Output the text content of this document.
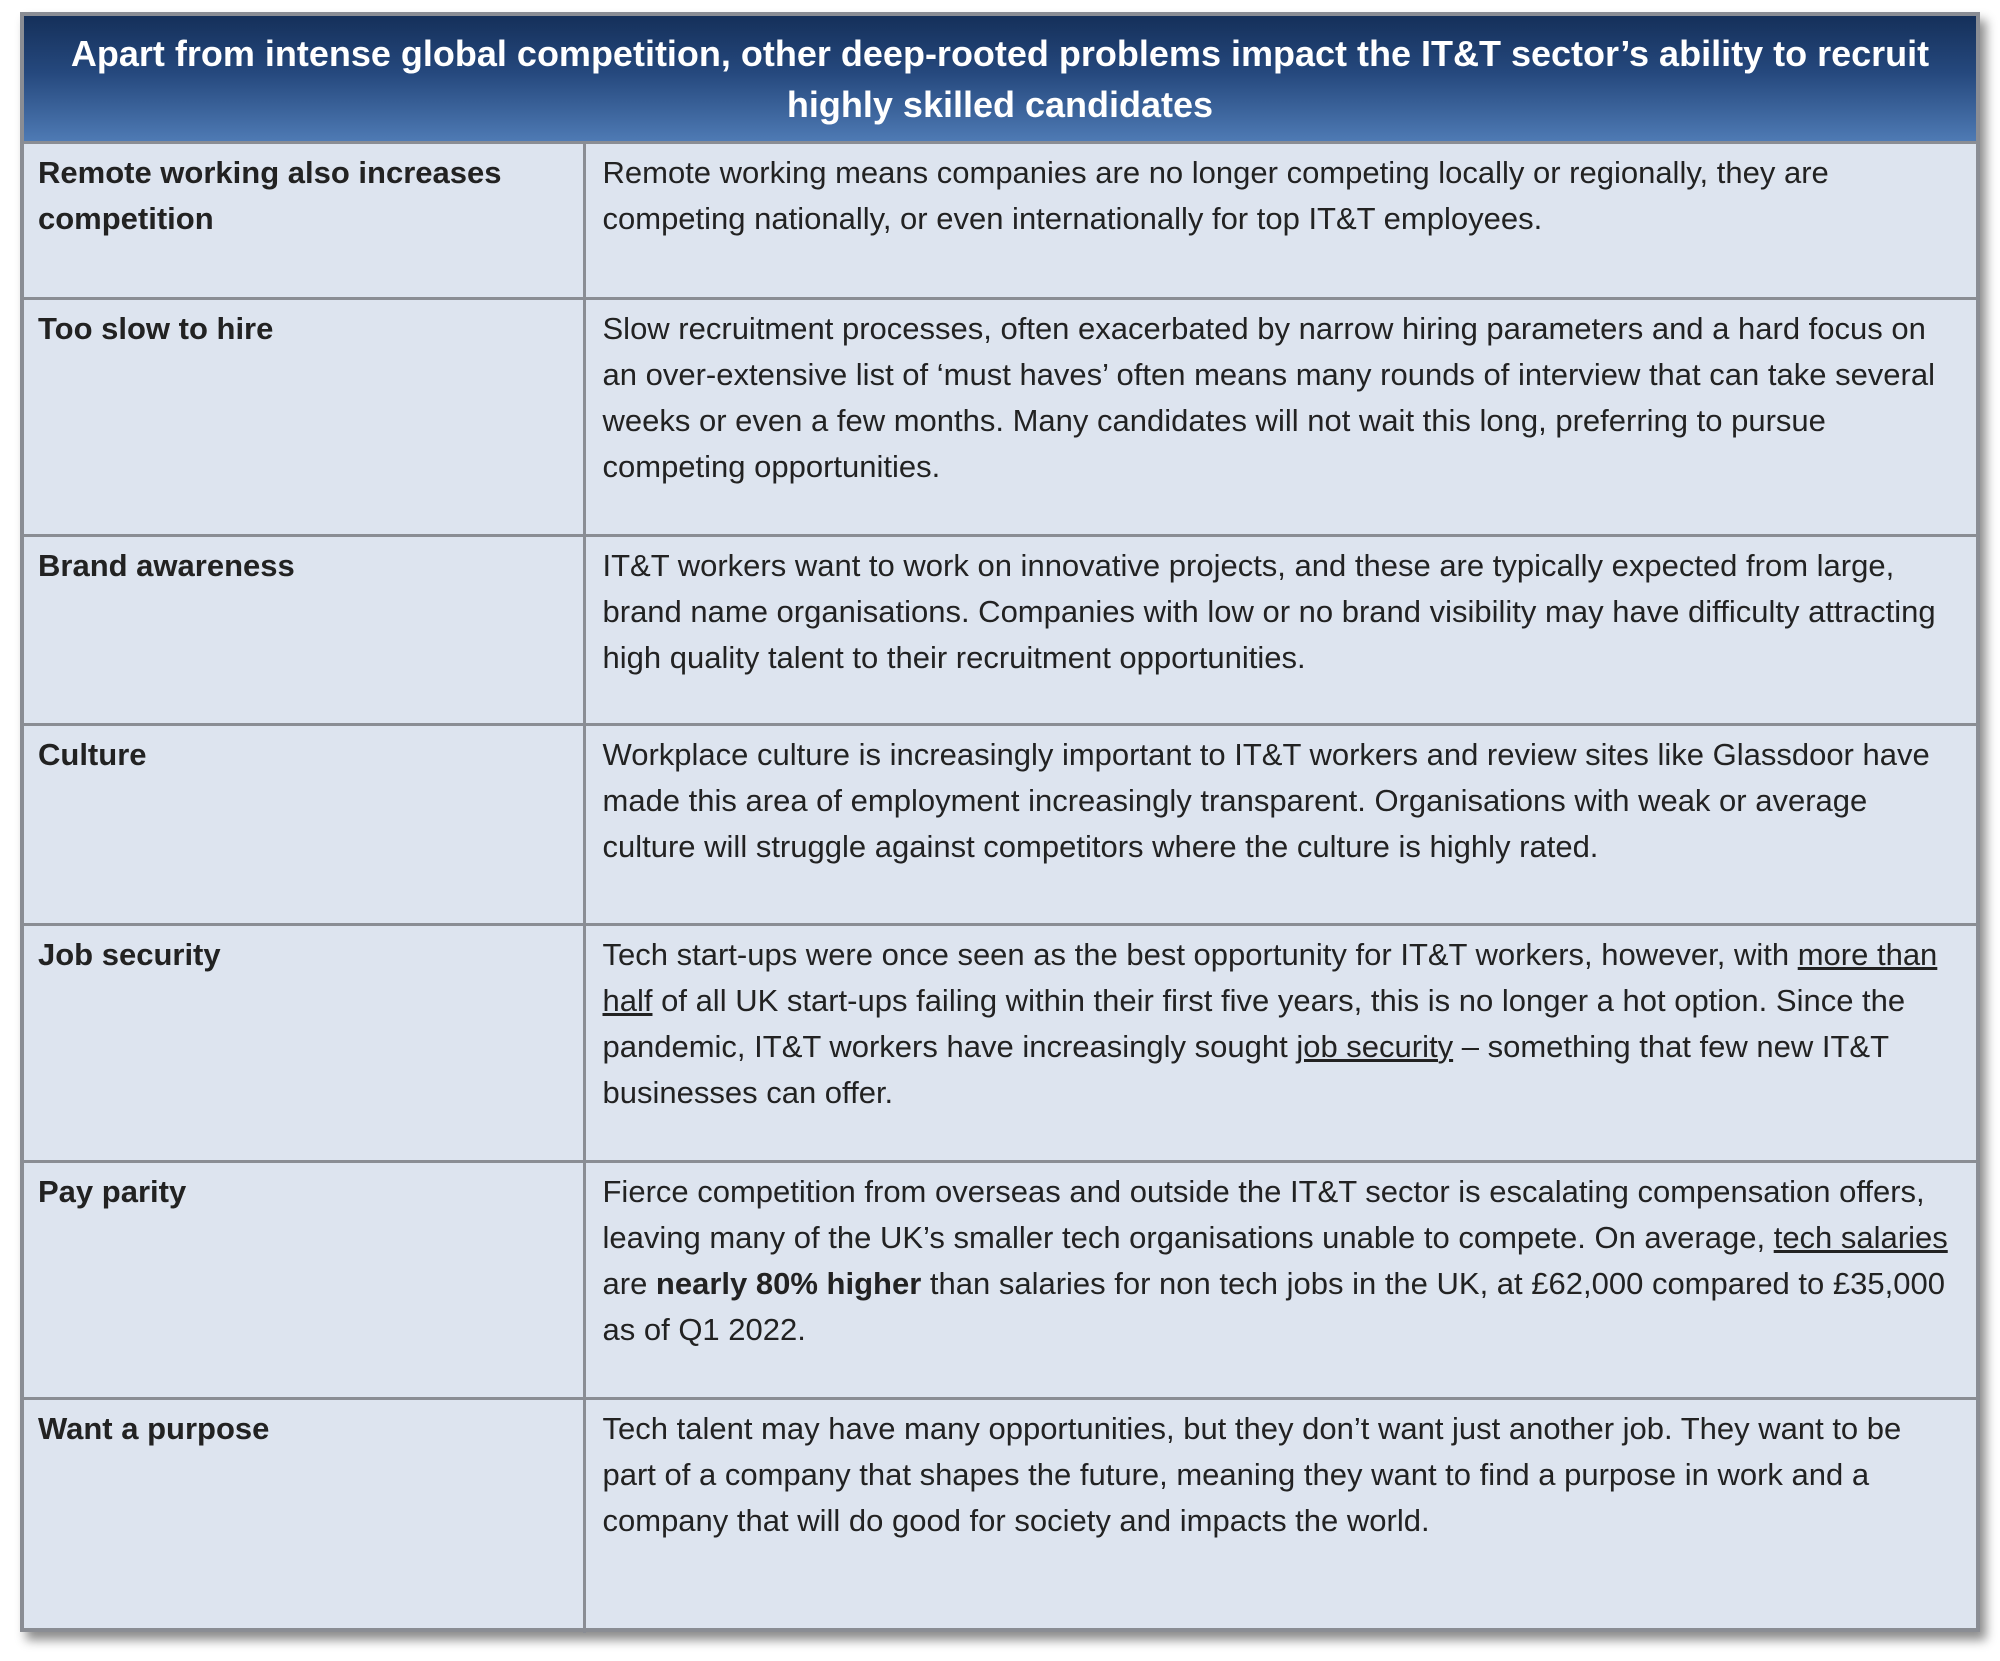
Apart from intense global competition, other deep-rooted problems impact the IT&T sector’s ability to recruit highly skilled candidates
Remote working also increases competition	Remote working means companies are no longer competing locally or regionally, they are competing nationally, or even internationally for top IT&T employees.
Too slow to hire	Slow recruitment processes, often exacerbated by narrow hiring parameters and a hard focus on an over-extensive list of ‘must haves’ often means many rounds of interview that can take several weeks or even a few months. Many candidates will not wait this long, preferring to pursue competing opportunities.
Brand awareness	IT&T workers want to work on innovative projects, and these are typically expected from large, brand name organisations. Companies with low or no brand visibility may have difficulty attracting high quality talent to their recruitment opportunities.
Culture	Workplace culture is increasingly important to IT&T workers and review sites like Glassdoor have made this area of employment increasingly transparent. Organisations with weak or average culture will struggle against competitors where the culture is highly rated.
Job security	Tech start-ups were once seen as the best opportunity for IT&T workers, however, with more than half of all UK start-ups failing within their first five years, this is no longer a hot option. Since the pandemic, IT&T workers have increasingly sought job security – something that few new IT&T businesses can offer.
Pay parity	Fierce competition from overseas and outside the IT&T sector is escalating compensation offers, leaving many of the UK’s smaller tech organisations unable to compete. On average, tech salaries are nearly 80% higher than salaries for non tech jobs in the UK, at £62,000 compared to £35,000 as of Q1 2022.
Want a purpose	Tech talent may have many opportunities, but they don’t want just another job. They want to be part of a company that shapes the future, meaning they want to find a purpose in work and a company that will do good for society and impacts the world.
